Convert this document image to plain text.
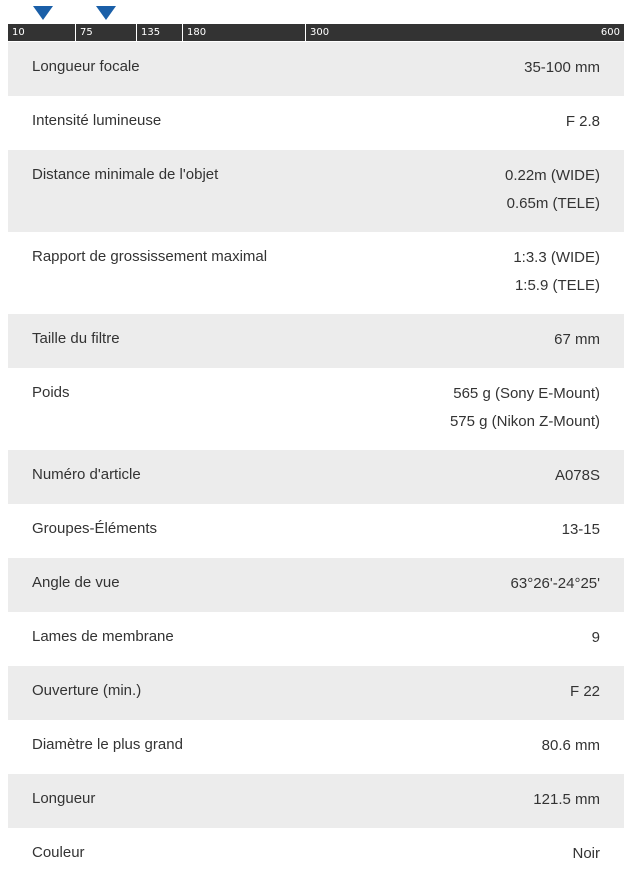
10	75	135	180	300	600
Longueur focale	35-100 mm
Intensité lumineuse	F 2.8
Distance minimale de l'objet	0.22m (WIDE)
0.65m (TELE)
Rapport de grossissement maximal	1:3.3 (WIDE)
1:5.9 (TELE)
Taille du filtre	67 mm
Poids	565 g (Sony E-Mount)
575 g (Nikon Z-Mount)
Numéro d'article	A078S
Groupes-Éléments	13-15
Angle de vue	63°26'-24°25'
Lames de membrane	9
Ouverture (min.)	F 22
Diamètre le plus grand	80.6 mm
Longueur	121.5 mm
Couleur	Noir
